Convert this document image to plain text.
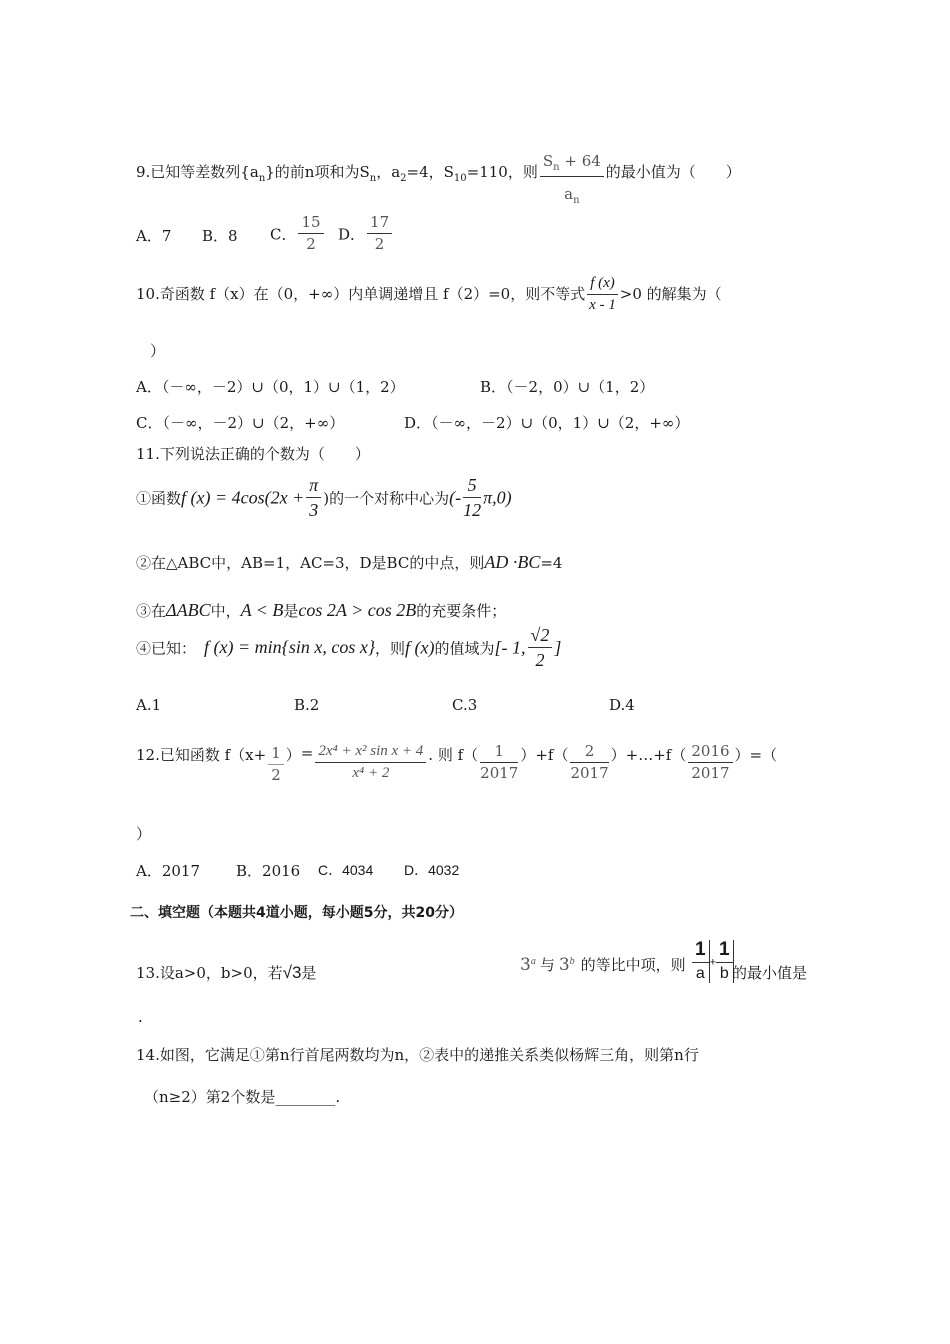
9.已知等差数列$\{a_n\}$的前n项和为$S_n$，$a_2=4$，$S_{10}=110$，则 $\frac{S_n + 64}{a_n}$ 的最小值为（　　）
A．7 B．8 C． $\frac{15}{2}$ D． $\frac{17}{2}$
10.奇函数 f（x）在（0，+∞）内单调递增且 f（2）=0，则不等式 $\frac{f (x)}{x - 1} >0$ 的解集为（
）
A．（－∞，－2）∪（0，1）∪（1，2）	B．（－2，0）∪（1，2）
C．（－∞，－2）∪（2，+∞）	D．（－∞，－2）∪（0，1）∪（2，+∞）
11.下列说法正确的个数为（　　）
①函数f $(x) = 4\cos(2x + \frac{\pi}{3}$ )的一个对称中心为(- $\frac{5}{12} \pi,0$)
②在△ABC中，AB=1，AC=3，D是BC的中点，则AD ·BC=4
③在ΔABC中，A < B是cos 2A > cos 2B的充要条件；
④已知： f (x) = min{sin x, cos x}，则f (x)的值域为[- 1, $\frac{√2}{2}$ ]
A.1	B.2	C.3	D.4
12.已知函数 $f(x+ \frac{1}{2}$ ）= $\frac{\text{2x⁴ + x² sin x + 4}}{\text{x⁴ + 2}}$ . 则 $f( \frac{1}{2017} )+f( \frac{2}{2017}$ ）+…+f（ $\frac{2016}{2017}$ ）=（
）
A．2017 B．2016 C．4034 D．4032
二、填空题（本题共4道小题，每小题5分，共20分）
13.设a>0，b>0，若√3是	3$^a$ 与 3$^b$ 的等比中项，则 $\frac{1}{a} + \frac{1}{b}$
的最小值是
.
14.如图，它满足①第n行首尾两数均为n，②表中的递推关系类似杨辉三角，则第n行
（n≥2）第2个数是________.
